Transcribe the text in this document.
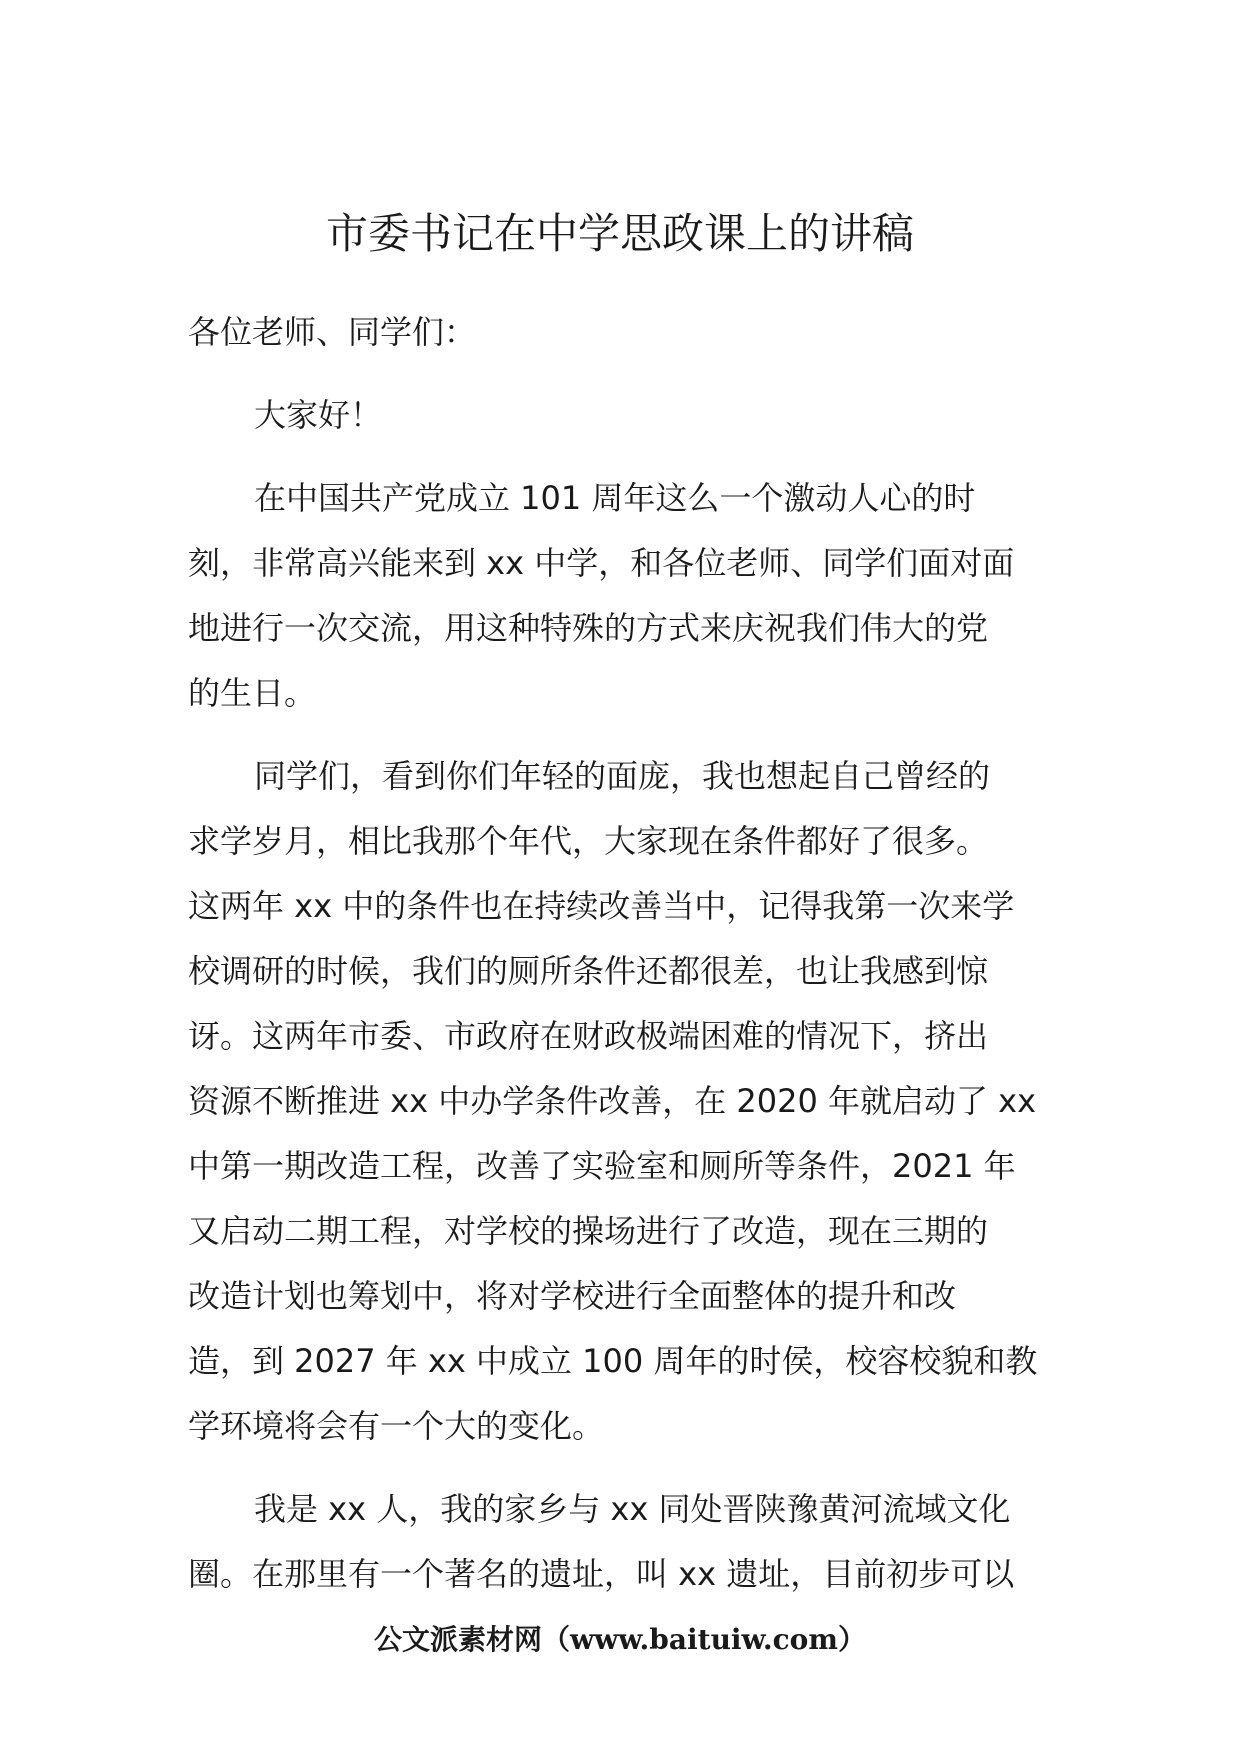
市委书记在中学思政课上的讲稿
各位老师、同学们：
大家好！
在中国共产党成立 101 周年这么一个激动人心的时
刻，非常高兴能来到 xx 中学，和各位老师、同学们面对面
地进行一次交流，用这种特殊的方式来庆祝我们伟大的党
的生日。
同学们，看到你们年轻的面庞，我也想起自己曾经的
求学岁月，相比我那个年代，大家现在条件都好了很多。
这两年 xx 中的条件也在持续改善当中，记得我第一次来学
校调研的时候，我们的厕所条件还都很差，也让我感到惊
讶。这两年市委、市政府在财政极端困难的情况下，挤出
资源不断推进 xx 中办学条件改善，在 2020 年就启动了 xx
中第一期改造工程，改善了实验室和厕所等条件，2021 年
又启动二期工程，对学校的操场进行了改造，现在三期的
改造计划也筹划中，将对学校进行全面整体的提升和改
造，到 2027 年 xx 中成立 100 周年的时侯，校容校貌和教
学环境将会有一个大的变化。
我是 xx 人，我的家乡与 xx 同处晋陕豫黄河流域文化
圈。在那里有一个著名的遗址，叫 xx 遗址，目前初步可以
公文派素材网（www.baituiw.com）
